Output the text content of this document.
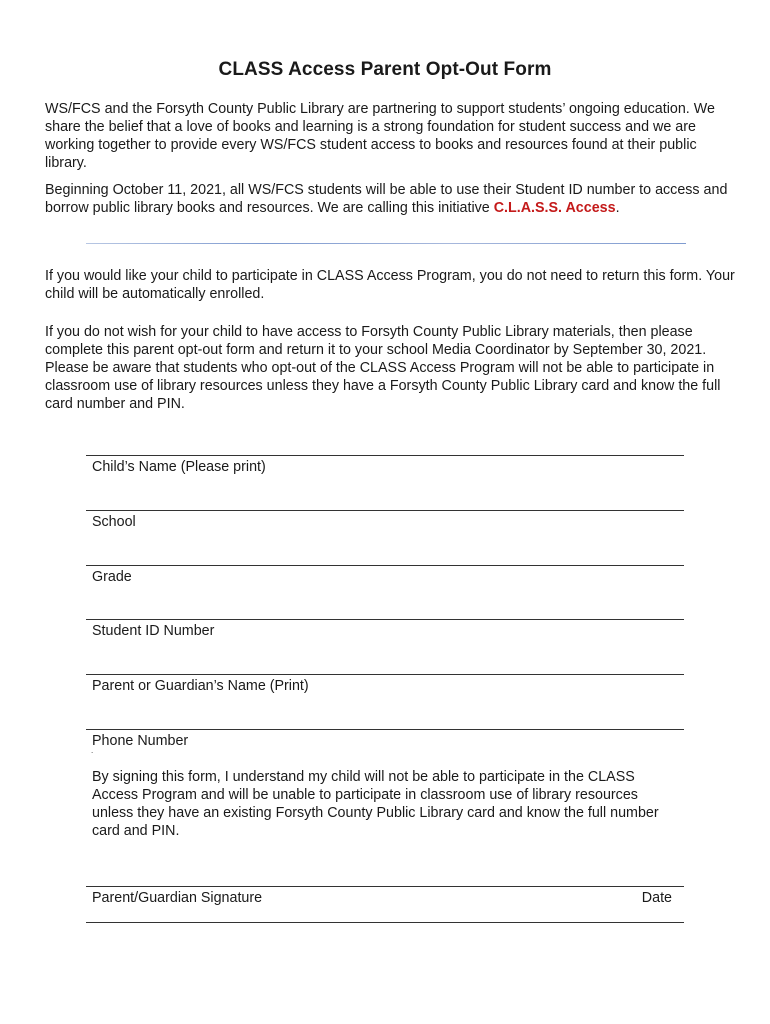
CLASS Access Parent Opt-Out Form

WS/FCS and the Forsyth County Public Library are partnering to support students’ ongoing education. We share the belief that a love of books and learning is a strong foundation for student success and we are working together to provide every WS/FCS student access to books and resources found at their public library.

Beginning October 11, 2021, all WS/FCS students will be able to use their Student ID number to access and borrow public library books and resources. We are calling this initiative C.L.A.S.S. Access.

If you would like your child to participate in CLASS Access Program, you do not need to return this form. Your child will be automatically enrolled.

If you do not wish for your child to have access to Forsyth County Public Library materials, then please complete this parent opt-out form and return it to your school Media Coordinator by September 30, 2021. Please be aware that students who opt-out of the CLASS Access Program will not be able to participate in classroom use of library resources unless they have a Forsyth County Public Library card and know the full card number and PIN.

Child’s Name (Please print)
School
Grade
Student ID Number
Parent or Guardian’s Name (Print)
Phone Number
.

By signing this form, I understand my child will not be able to participate in the CLASS Access Program and will be unable to participate in classroom use of library resources unless they have an existing Forsyth County Public Library card and know the full number card and PIN.

Parent/Guardian Signature	Date
